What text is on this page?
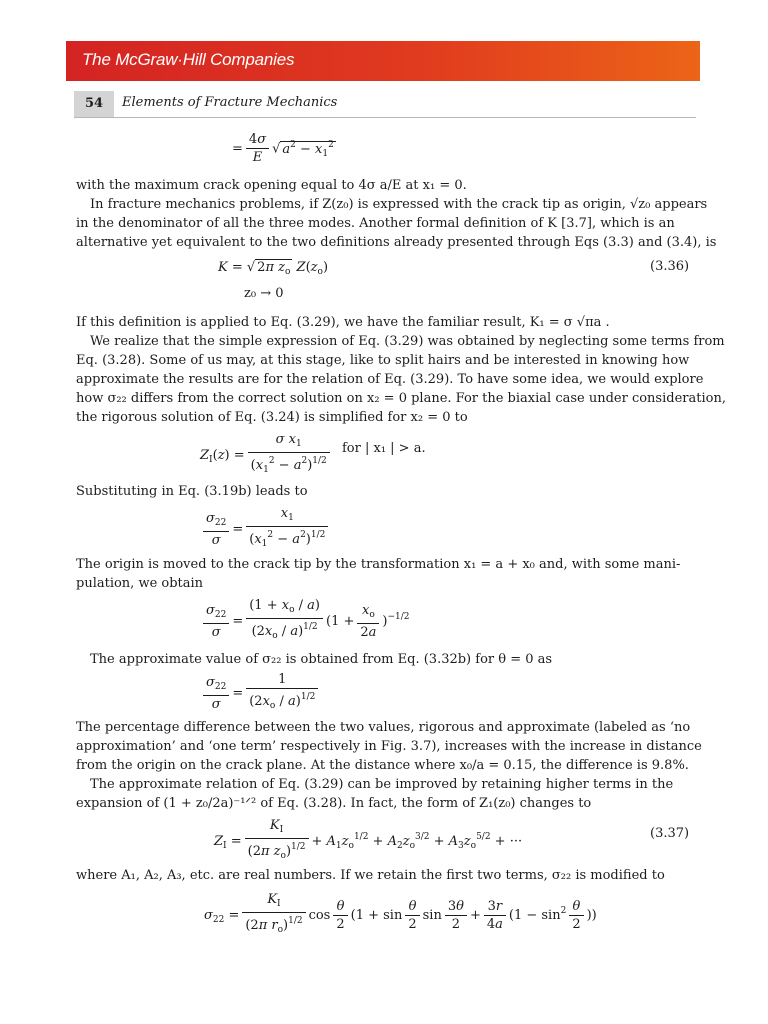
The McGraw·Hill Companies
54	Elements of Fracture Mechanics
= $\frac{4\sigma}{E}$ √ $a^2 - x_1^2$

with the maximum crack opening equal to 4σ a/E at x₁ = 0.

In fracture mechanics problems, if Z(z₀) is expressed with the crack tip as origin, √z₀ appears

in the denominator of all the three modes. Another formal definition of K [3.7], which is an

alternative yet equivalent to the two definitions already presented through Eqs (3.3) and (3.4), is

K = √ 2π $z_o$ $Z(z_o)$	(3.36)
z₀ → 0

If this definition is applied to Eq. (3.29), we have the familiar result, K₁ = σ √πa .

We realize that the simple expression of Eq. (3.29) was obtained by neglecting some terms from

Eq. (3.28). Some of us may, at this stage, like to split hairs and be interested in knowing how

approximate the results are for the relation of Eq. (3.29). To have some idea, we would explore

how σ₂₂ differs from the correct solution on x₂ = 0 plane. For the biaxial case under consideration,

the rigorous solution of Eq. (3.24) is simplified for x₂ = 0 to

$Z_I(z) = \frac{\sigma x_1}{(x_1^2 - a^2)^{1/2}}$ for | x₁ | > a.

Substituting in Eq. (3.19b) leads to

$\frac{\sigma_{22}}{\sigma} = \frac{x_1}{(x_1^2 - a^2)^{1/2}}$

The origin is moved to the crack tip by the transformation x₁ = a + x₀ and, with some mani-

pulation, we obtain

$\frac{\sigma_{22}}{\sigma} = \frac{(1 + x_o / a)}{(2x_o / a)^{1/2}} (1 + \frac{x_o}{2a} )^{-1/2}$

The approximate value of σ₂₂ is obtained from Eq. (3.32b) for θ = 0 as

$\frac{\sigma_{22}}{\sigma} = \frac{1}{(2x_o / a)^{1/2}}$

The percentage difference between the two values, rigorous and approximate (labeled as ‘no

approximation’ and ‘one term’ respectively in Fig. 3.7), increases with the increase in distance

from the origin on the crack plane. At the distance where x₀/a = 0.15, the difference is 9.8%.

The approximate relation of Eq. (3.29) can be improved by retaining higher terms in the

expansion of (1 + z₀/2a)⁻¹ᐟ² of Eq. (3.28). In fact, the form of Z₁(z₀) changes to

$Z_I = \frac{K_I}{(2\pi z_o)^{1/2}} + A_1z_o^{1/2} + A_2z_o^{3/2} + A_3z_o^{5/2}$ + ···
(3.37)

where A₁, A₂, A₃, etc. are real numbers. If we retain the first two terms, σ₂₂ is modified to

$\sigma_{22} = \frac{K_I}{(2\pi r_o)^{1/2}}$ $\cos \frac{\theta}{2} (1 + \sin \frac{\theta}{2}$ $\sin \frac{3\theta}{2} + \frac{3r}{4a} (1 - \sin^2 \frac{\theta}{2}$ ))
